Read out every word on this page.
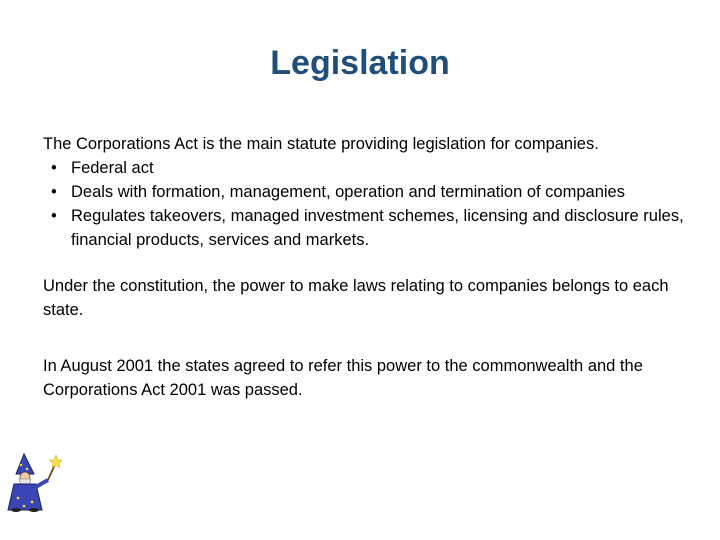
Legislation

The Corporations Act is the main statute providing legislation for companies.

• Federal act
• Deals with formation, management, operation and termination of companies
• Regulates takeovers, managed investment schemes, licensing and disclosure rules, financial products, services and markets.

Under the constitution, the power to make laws relating to companies belongs to each state.

In August 2001 the states agreed to refer this power to the commonwealth and the Corporations Act 2001 was passed.
